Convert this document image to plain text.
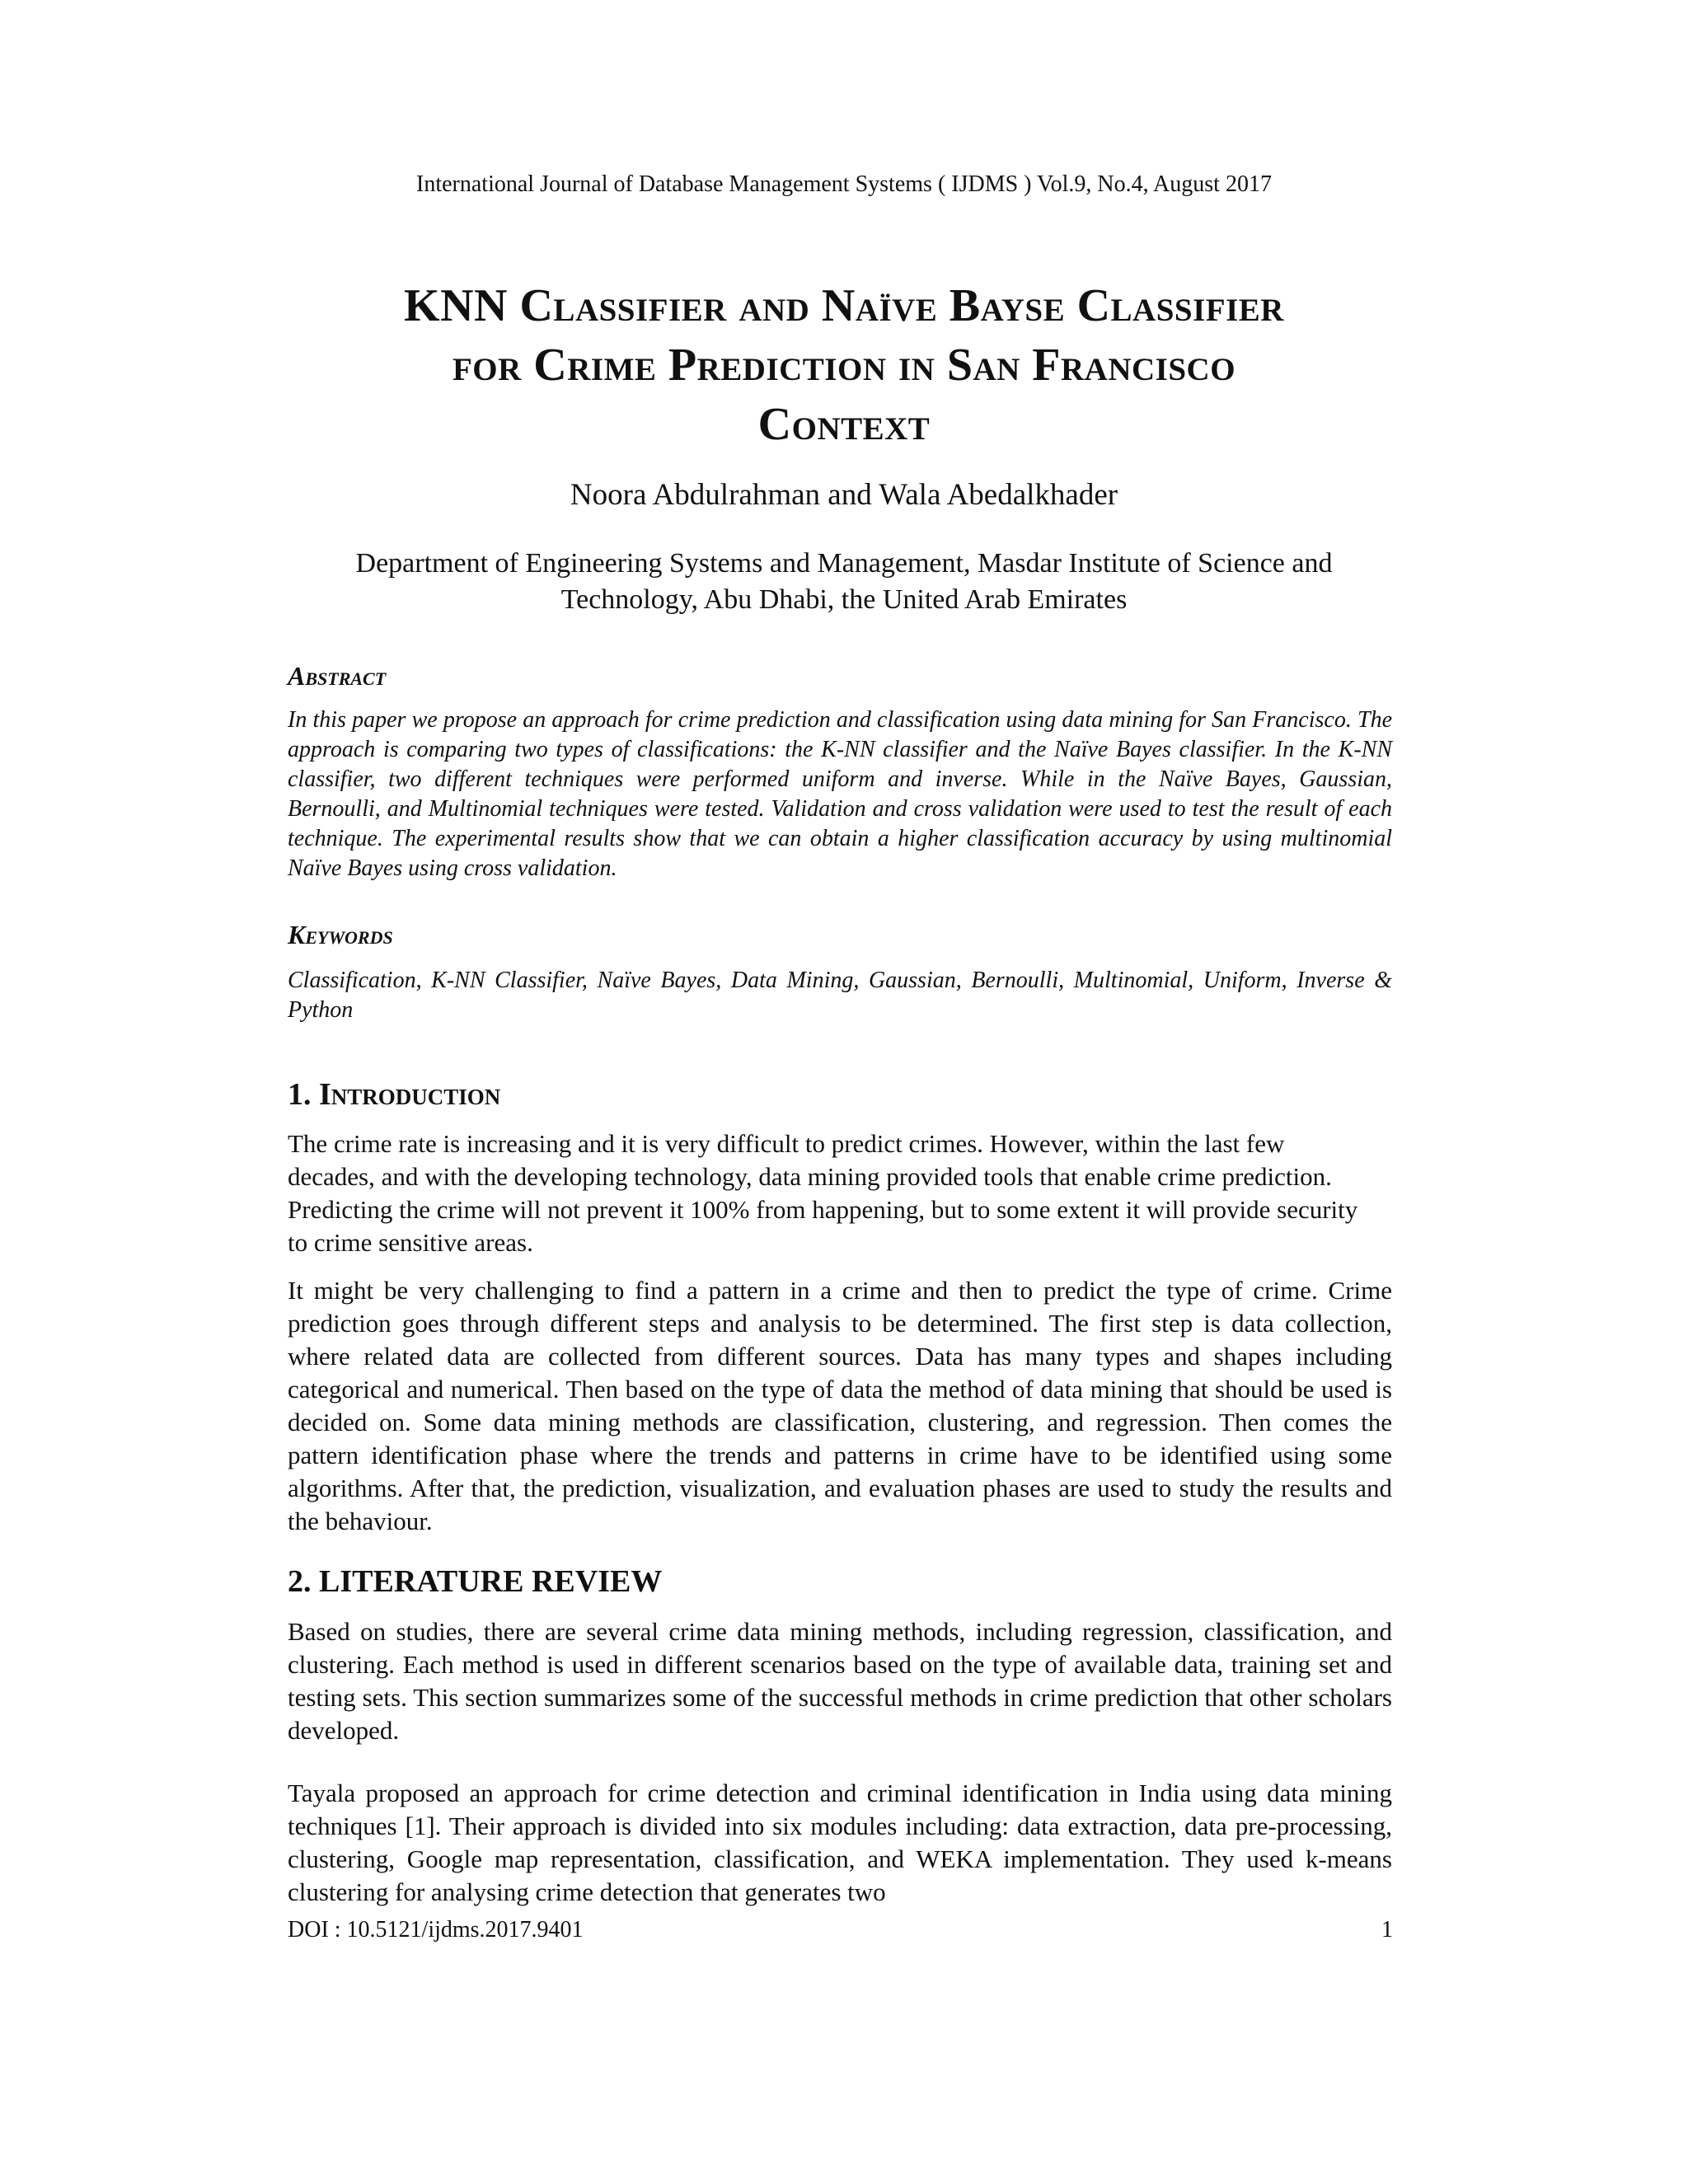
International Journal of Database Management Systems ( IJDMS ) Vol.9, No.4, August 2017
KNN Classifier and Naïve Bayse Classifier
for Crime Prediction in San Francisco
Context
Noora Abdulrahman and Wala Abedalkhader
Department of Engineering Systems and Management, Masdar Institute of Science and
Technology, Abu Dhabi, the United Arab Emirates
Abstract
In this paper we propose an approach for crime prediction and classification using data mining for San Francisco. The approach is comparing two types of classifications: the K-NN classifier and the Naïve Bayes classifier. In the K-NN classifier, two different techniques were performed uniform and inverse. While in the Naïve Bayes, Gaussian, Bernoulli, and Multinomial techniques were tested. Validation and cross validation were used to test the result of each technique. The experimental results show that we can obtain a higher classification accuracy by using multinomial Naïve Bayes using cross validation.
Keywords
Classification, K-NN Classifier, Naïve Bayes, Data Mining, Gaussian, Bernoulli, Multinomial, Uniform, Inverse & Python
1. Introduction
The crime rate is increasing and it is very difficult to predict crimes. However, within the last few decades, and with the developing technology, data mining provided tools that enable crime prediction. Predicting the crime will not prevent it 100% from happening, but to some extent it will provide security to crime sensitive areas.
It might be very challenging to find a pattern in a crime and then to predict the type of crime. Crime prediction goes through different steps and analysis to be determined. The first step is data collection, where related data are collected from different sources. Data has many types and shapes including categorical and numerical. Then based on the type of data the method of data mining that should be used is decided on. Some data mining methods are classification, clustering, and regression. Then comes the pattern identification phase where the trends and patterns in crime have to be identified using some algorithms. After that, the prediction, visualization, and evaluation phases are used to study the results and the behaviour.
2. LITERATURE REVIEW
Based on studies, there are several crime data mining methods, including regression, classification, and clustering. Each method is used in different scenarios based on the type of available data, training set and testing sets. This section summarizes some of the successful methods in crime prediction that other scholars developed.
Tayala proposed an approach for crime detection and criminal identification in India using data mining techniques [1]. Their approach is divided into six modules including: data extraction, data pre-processing, clustering, Google map representation, classification, and WEKA implementation. They used k-means clustering for analysing crime detection that generates two
DOI : 10.5121/ijdms.2017.9401	1
